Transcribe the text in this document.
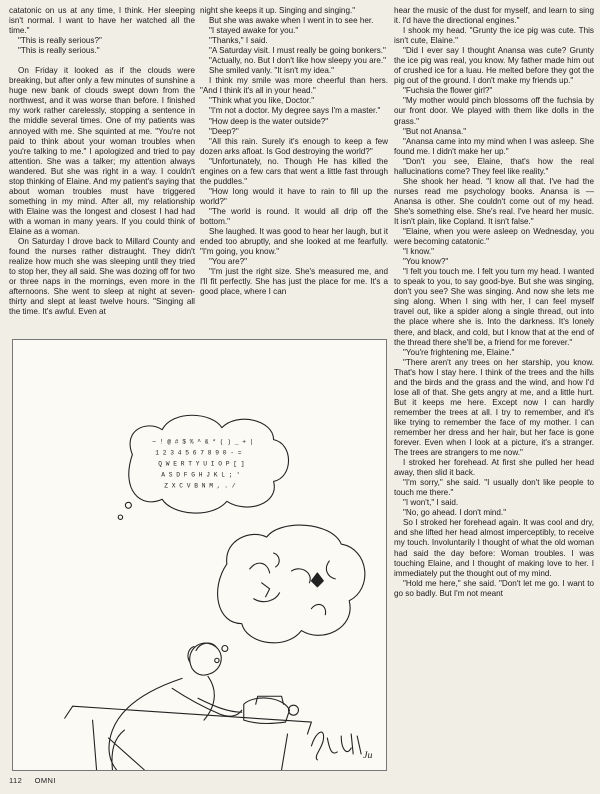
catatonic on us at any time, I think. Her sleeping isn't normal. I want to have her watched all the time."

"This is really serious?"

"This is really serious."

On Friday it looked as if the clouds were breaking, but after only a few minutes of sunshine a huge new bank of clouds swept down from the northwest, and it was worse than before. I finished my work rather carelessly, stopping a sentence in the middle several times. One of my patients was annoyed with me. She squinted at me. "You're not paid to think about your woman troubles when you're talking to me." I apologized and tried to pay attention. She was a talker; my attention always wandered. But she was right in a way. I couldn't stop thinking of Elaine. And my patient's saying that about woman troubles must have triggered something in my mind. After all, my relationship with Elaine was the longest and closest I had had with a woman in many years. If you could think of Elaine as a woman.

On Saturday I drove back to Millard County and found the nurses rather distraught. They didn't realize how much she was sleeping until they tried to stop her, they all said. She was dozing off for two or three naps in the mornings, even more in the afternoons. She went to sleep at night at seven-thirty and slept at least twelve hours. "Singing all the time. It's awful. Even at

night she keeps it up. Singing and singing."

But she was awake when I went in to see her.

"I stayed awake for you."

"Thanks," I said.

"A Saturday visit. I must really be going bonkers."

"Actually, no. But I don't like how sleepy you are."

She smiled vanly. "It isn't my idea."

I think my smile was more cheerful than hers. "And I think it's all in your head."

"Think what you like, Doctor."

"I'm not a doctor. My degree says I'm a master."

"How deep is the water outside?"

"Deep?"

"All this rain. Surely it's enough to keep a few dozen arks afloat. Is God destroying the world?"

"Unfortunately, no. Though He has killed the engines on a few cars that went a little fast through the puddles."

"How long would it have to rain to fill up the world?"

"The world is round. It would all drip off the bottom."

She laughed. It was good to hear her laugh, but it ended too abruptly, and she looked at me fearfully. "I'm going, you know."

"You are?"

"I'm just the right size. She's measured me, and I'll fit perfectly. She has just the place for me. It's a good place, where I can

hear the music of the dust for myself, and learn to sing it. I'd have the directional engines."

I shook my head. "Grunty the ice pig was cute. This isn't cute, Elaine."

"Did I ever say I thought Anansa was cute? Grunty the ice pig was real, you know. My father made him out of crushed ice for a luau. He melted before they got the pig out of the ground. I don't make my friends up."

"Fuchsia the flower girl?"

"My mother would pinch blossoms off the fuchsia by our front door. We played with them like dolls in the grass."

"But not Anansa."

"Anansa came into my mind when I was asleep. She found me. I didn't make her up."

"Don't you see, Elaine, that's how the real hallucinations come? They feel like reality."

She shook her head. "I know all that. I've had the nurses read me psychology books. Anansa is — Anansa is other. She couldn't come out of my head. She's something else. She's real. I've heard her music. It isn't plain, like Copland. It isn't false."

"Elaine, when you were asleep on Wednesday, you were becoming catatonic."

"I know."

"You know?"

"I felt you touch me. I felt you turn my head. I wanted to speak to you, to say good-bye. But she was singing, don't you see? She was singing. And now she lets me sing along. When I sing with her, I can feel myself travel out, like a spider along a single thread, out into the place where she is. Into the darkness. It's lonely there, and black, and cold, but I know that at the end of the thread there she'll be, a friend for me forever."

"You're frightening me, Elaine."

"There aren't any trees on her starship, you know. That's how I stay here. I think of the trees and the hills and the birds and the grass and the wind, and how I'd lose all of that. She gets angry at me, and a little hurt. But it keeps me here. Except now I can hardly remember the trees at all. I try to remember, and it's like trying to remember the face of my mother. I can remember her dress and her hair, but her face is gone forever. Even when I look at a picture, it's a stranger. The trees are strangers to me now."

I stroked her forehead. At first she pulled her head away, then slid it back.

"I'm sorry," she said. "I usually don't like people to touch me there."

"I won't," I said.

"No, go ahead. I don't mind."

So I stroked her forehead again. It was cool and dry, and she lifted her head almost imperceptibly, to receive my touch. Involuntarily I thought of what the old woman had said the day before: Woman troubles. I was touching Elaine, and I thought of making love to her. I immediately put the thought out of my mind.

"Hold me here," she said. "Don't let me go. I want to go so badly. But I'm not meant

~ ! @ # $ % ^ & * ( ) _ + |
1 2 3 4 5 6 7 8 9 0 - =
Q W E R T Y U I O P [ ]
A S D F G H J K L ; '
Z X C V B N M , . /
Ju
112 OMNI
